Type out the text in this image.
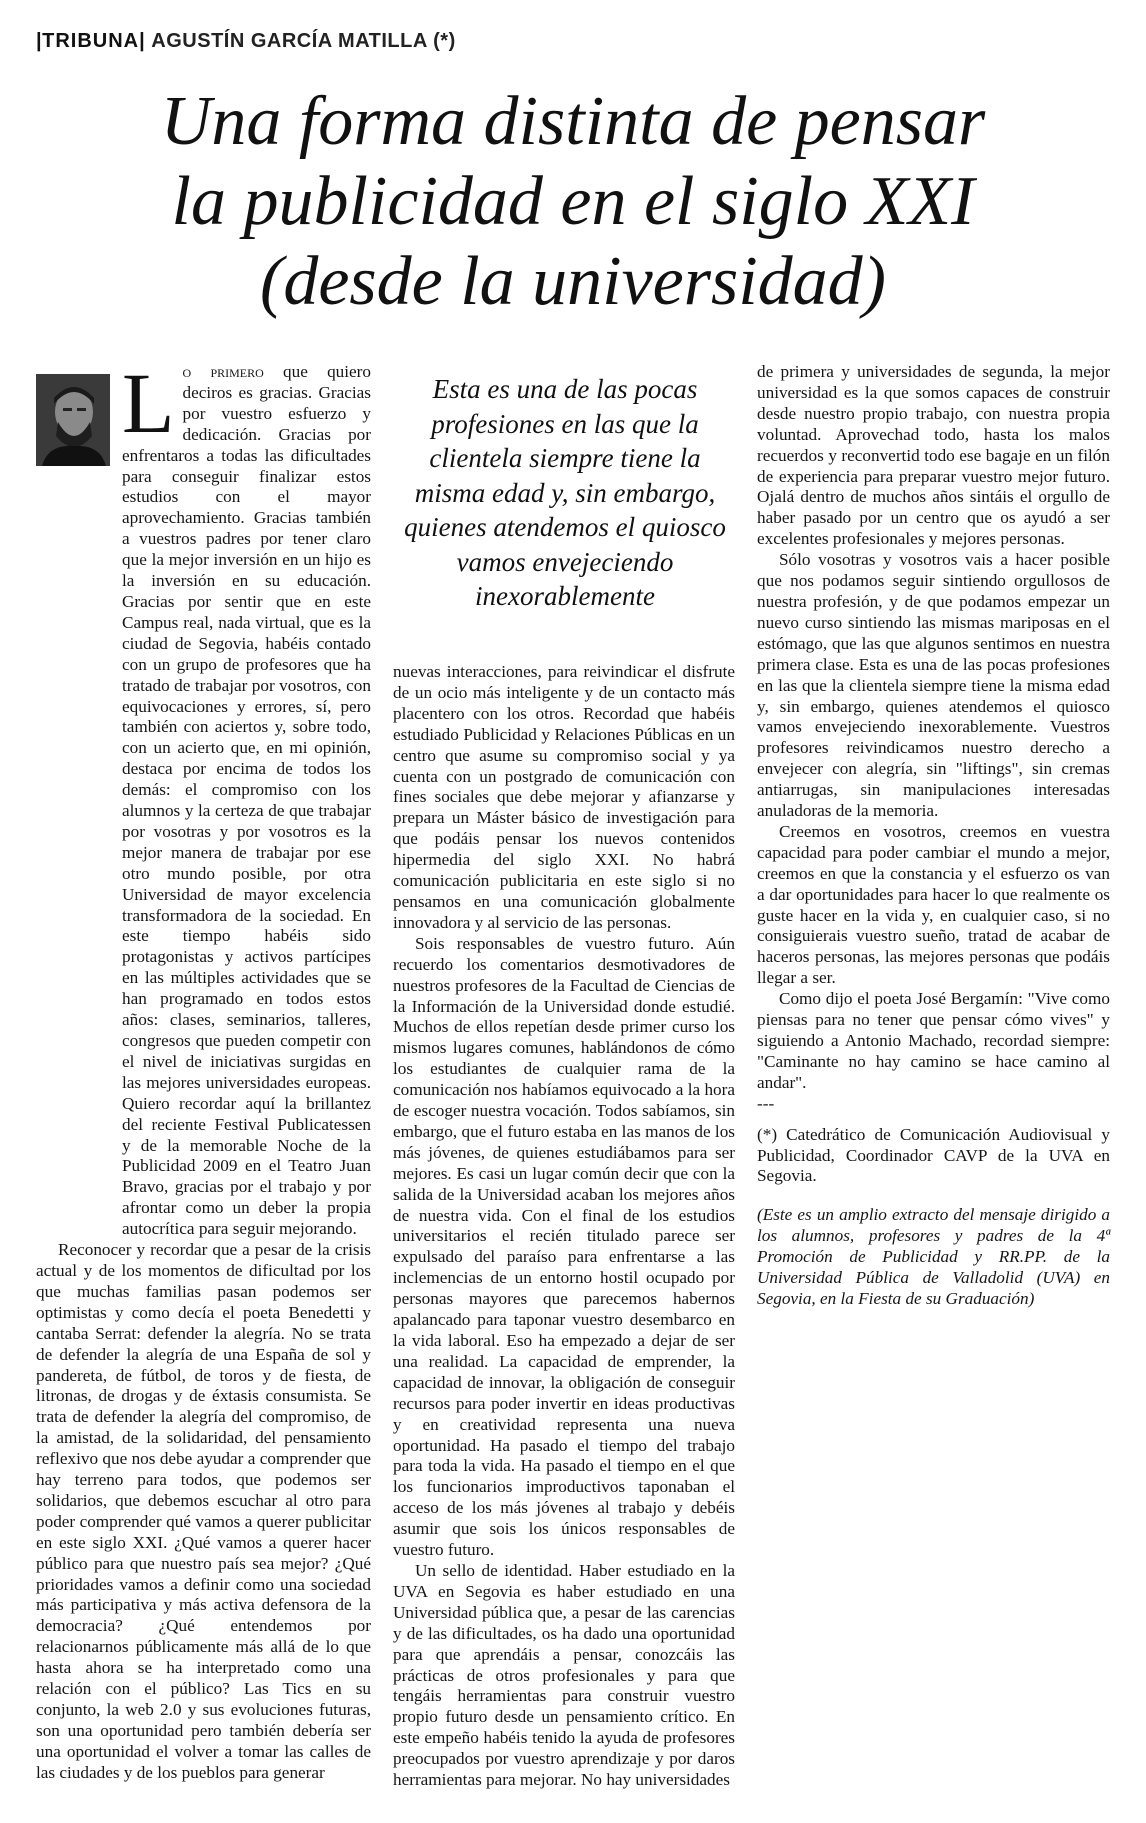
|TRIBUNA| AGUSTÍN GARCÍA MATILLA (*)
Una forma distinta de pensar
la publicidad en el siglo XXI
(desde la universidad)
Lo primero que quiero deciros es gracias. Gracias por vuestro esfuerzo y dedicación. Gracias por enfrentaros a todas las dificultades para conseguir finalizar estos estudios con el mayor aprovechamiento. Gracias también a vuestros padres por tener claro que la mejor inversión en un hijo es la inversión en su educación. Gracias por sentir que en este Campus real, nada virtual, que es la ciudad de Segovia, habéis contado con un grupo de profesores que ha tratado de trabajar por vosotros, con equivocaciones y errores, sí, pero también con aciertos y, sobre todo, con un acierto que, en mi opinión, destaca por encima de todos los demás: el compromiso con los alumnos y la certeza de que trabajar por vosotras y por vosotros es la mejor manera de trabajar por ese otro mundo posible, por otra Universidad de mayor excelencia transformadora de la sociedad. En este tiempo habéis sido protagonistas y activos partícipes en las múltiples actividades que se han programado en todos estos años: clases, seminarios, talleres, congresos que pueden competir con el nivel de iniciativas surgidas en las mejores universidades europeas. Quiero recordar aquí la brillantez del reciente Festival Publicatessen y de la memorable Noche de la Publicidad 2009 en el Teatro Juan Bravo, gracias por el trabajo y por afrontar como un deber la propia autocrítica para seguir mejorando.

Reconocer y recordar que a pesar de la crisis actual y de los momentos de dificultad por los que muchas familias pasan podemos ser optimistas y como decía el poeta Benedetti y cantaba Serrat: defender la alegría. No se trata de defender la alegría de una España de sol y pandereta, de fútbol, de toros y de fiesta, de litronas, de drogas y de éxtasis consumista. Se trata de defender la alegría del compromiso, de la amistad, de la solidaridad, del pensamiento reflexivo que nos debe ayudar a comprender que hay terreno para todos, que podemos ser solidarios, que debemos escuchar al otro para poder comprender qué vamos a querer publicitar en este siglo XXI. ¿Qué vamos a querer hacer público para que nuestro país sea mejor? ¿Qué prioridades vamos a definir como una sociedad más participativa y más activa defensora de la democracia? ¿Qué entendemos por relacionarnos públicamente más allá de lo que hasta ahora se ha interpretado como una relación con el público? Las Tics en su conjunto, la web 2.0 y sus evoluciones futuras, son una oportunidad pero también debería ser una oportunidad el volver a tomar las calles de las ciudades y de los pueblos para generar

Esta es una de las pocas
profesiones en las que la
clientela siempre tiene la
misma edad y, sin embargo,
quienes atendemos el quiosco
vamos envejeciendo
inexorablemente

nuevas interacciones, para reivindicar el disfrute de un ocio más inteligente y de un contacto más placentero con los otros. Recordad que habéis estudiado Publicidad y Relaciones Públicas en un centro que asume su compromiso social y ya cuenta con un postgrado de comunicación con fines sociales que debe mejorar y afianzarse y prepara un Máster básico de investigación para que podáis pensar los nuevos contenidos hipermedia del siglo XXI. No habrá comunicación publicitaria en este siglo si no pensamos en una comunicación globalmente innovadora y al servicio de las personas.

Sois responsables de vuestro futuro. Aún recuerdo los comentarios desmotivadores de nuestros profesores de la Facultad de Ciencias de la Información de la Universidad donde estudié. Muchos de ellos repetían desde primer curso los mismos lugares comunes, hablándonos de cómo los estudiantes de cualquier rama de la comunicación nos habíamos equivocado a la hora de escoger nuestra vocación. Todos sabíamos, sin embargo, que el futuro estaba en las manos de los más jóvenes, de quienes estudiábamos para ser mejores. Es casi un lugar común decir que con la salida de la Universidad acaban los mejores años de nuestra vida. Con el final de los estudios universitarios el recién titulado parece ser expulsado del paraíso para enfrentarse a las inclemencias de un entorno hostil ocupado por personas mayores que parecemos habernos apalancado para taponar vuestro desembarco en la vida laboral. Eso ha empezado a dejar de ser una realidad. La capacidad de emprender, la capacidad de innovar, la obligación de conseguir recursos para poder invertir en ideas productivas y en creatividad representa una nueva oportunidad. Ha pasado el tiempo del trabajo para toda la vida. Ha pasado el tiempo en el que los funcionarios improductivos taponaban el acceso de los más jóvenes al trabajo y debéis asumir que sois los únicos responsables de vuestro futuro.

Un sello de identidad. Haber estudiado en la UVA en Segovia es haber estudiado en una Universidad pública que, a pesar de las carencias y de las dificultades, os ha dado una oportunidad para que aprendáis a pensar, conozcáis las prácticas de otros profesionales y para que tengáis herramientas para construir vuestro propio futuro desde un pensamiento crítico. En este empeño habéis tenido la ayuda de profesores preocupados por vuestro aprendizaje y por daros herramientas para mejorar. No hay universidades

de primera y universidades de segunda, la mejor universidad es la que somos capaces de construir desde nuestro propio trabajo, con nuestra propia voluntad. Aprovechad todo, hasta los malos recuerdos y reconvertid todo ese bagaje en un filón de experiencia para preparar vuestro mejor futuro. Ojalá dentro de muchos años sintáis el orgullo de haber pasado por un centro que os ayudó a ser excelentes profesionales y mejores personas.

Sólo vosotras y vosotros vais a hacer posible que nos podamos seguir sintiendo orgullosos de nuestra profesión, y de que podamos empezar un nuevo curso sintiendo las mismas mariposas en el estómago, que las que algunos sentimos en nuestra primera clase. Esta es una de las pocas profesiones en las que la clientela siempre tiene la misma edad y, sin embargo, quienes atendemos el quiosco vamos envejeciendo inexorablemente. Vuestros profesores reivindicamos nuestro derecho a envejecer con alegría, sin "liftings", sin cremas antiarrugas, sin manipulaciones interesadas anuladoras de la memoria.

Creemos en vosotros, creemos en vuestra capacidad para poder cambiar el mundo a mejor, creemos en que la constancia y el esfuerzo os van a dar oportunidades para hacer lo que realmente os guste hacer en la vida y, en cualquier caso, si no consiguierais vuestro sueño, tratad de acabar de haceros personas, las mejores personas que podáis llegar a ser.

Como dijo el poeta José Bergamín: "Vive como piensas para no tener que pensar cómo vives" y siguiendo a Antonio Machado, recordad siempre: "Caminante no hay camino se hace camino al andar".

---

(*) Catedrático de Comunicación Audiovisual y Publicidad, Coordinador CAVP de la UVA en Segovia.

(Este es un amplio extracto del mensaje dirigido a los alumnos, profesores y padres de la 4ª Promoción de Publicidad y RR.PP. de la Universidad Pública de Valladolid (UVA) en Segovia, en la Fiesta de su Graduación)
